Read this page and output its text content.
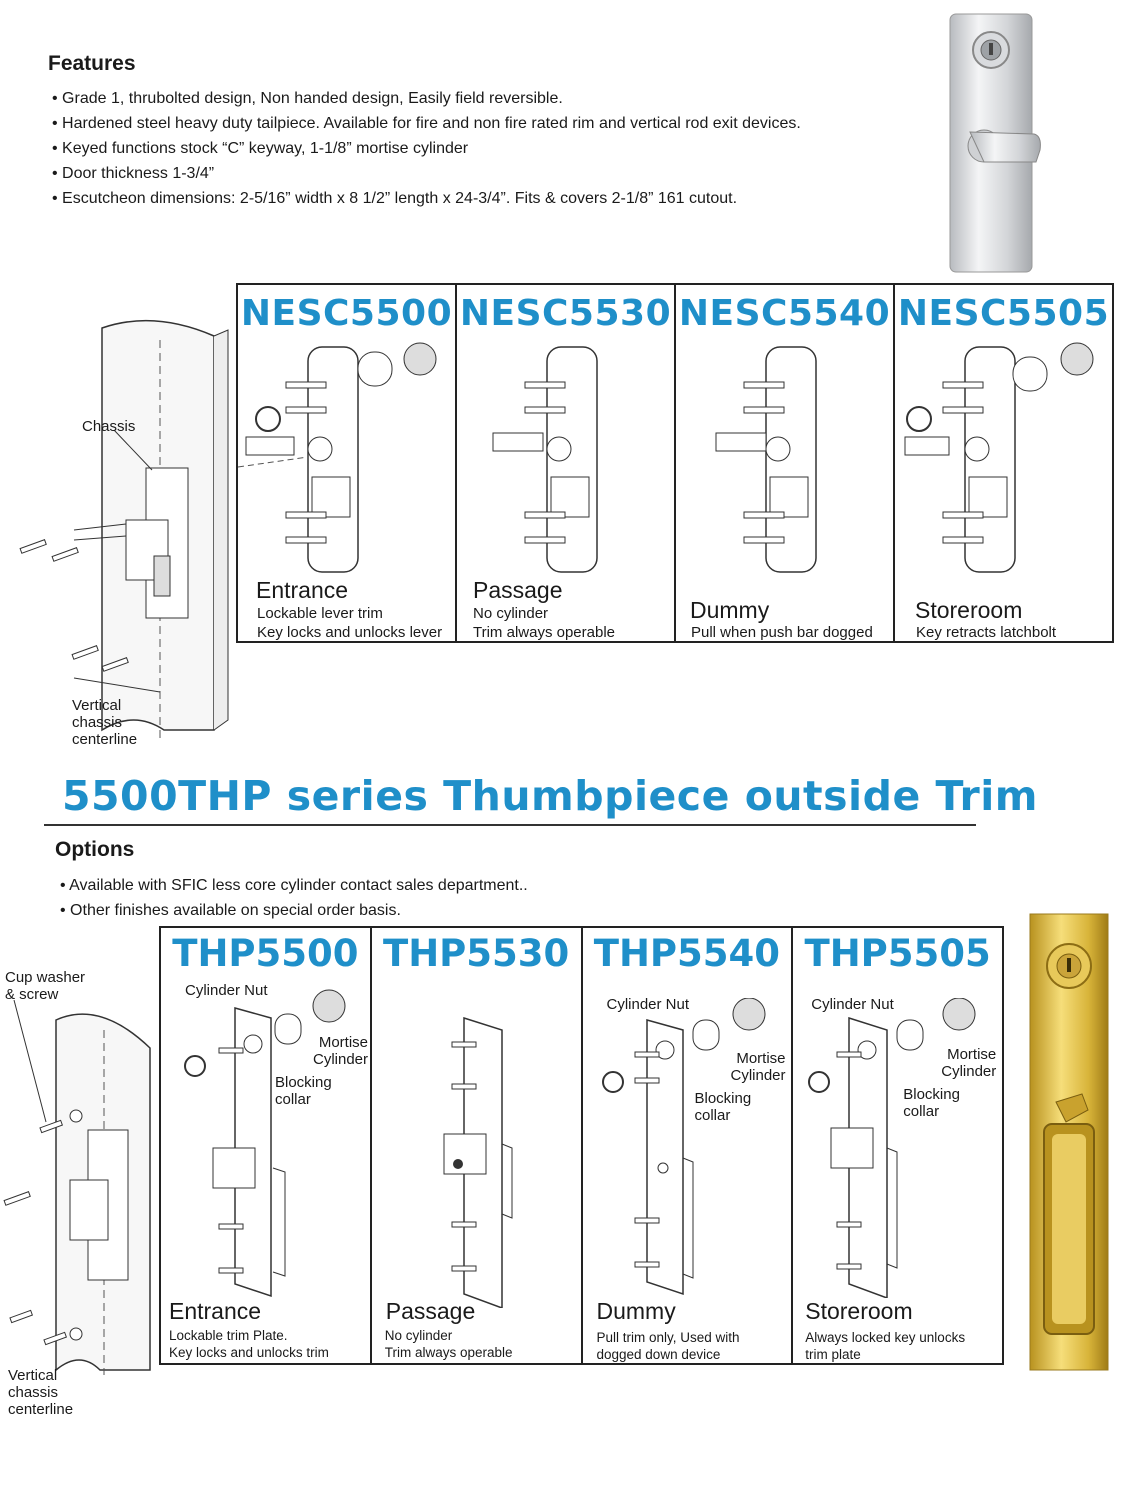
Features
• Grade 1, thrubolted design, Non handed design, Easily field reversible.
• Hardened steel heavy duty tailpiece. Available for fire and non fire rated rim and vertical rod exit devices.
• Keyed functions stock “C” keyway, 1-1/8” mortise cylinder
• Door thickness 1-3/4”
• Escutcheon dimensions: 2-5/16” width x 8 1/2” length x 24-3/4”. Fits & covers 2-1/8” 161 cutout.
Chassis
Vertical
chassis
centerline
NESC5500
Entrance
Lockable lever trim
Key locks and unlocks lever
NESC5530
Passage
No cylinder
Trim always operable
NESC5540
Dummy
Pull when push bar dogged
NESC5505
Storeroom
Key retracts latchbolt
5500THP series Thumbpiece outside Trim
Options
• Available with SFIC less core cylinder contact sales department..
• Other finishes available on special order basis.
Cup washer
& screw
Vertical
chassis
centerline
THP5500
Cylinder Nut
Mortise
Cylinder
Blocking
collar
Entrance
Lockable trim Plate.
Key locks and unlocks trim
THP5530
Passage
No cylinder
Trim always operable
THP5540
Cylinder Nut
Mortise
Cylinder
Blocking
collar
Dummy
Pull trim only, Used with
dogged down device
THP5505
Cylinder Nut
Mortise
Cylinder
Blocking
collar
Storeroom
Always locked key unlocks
trim plate
